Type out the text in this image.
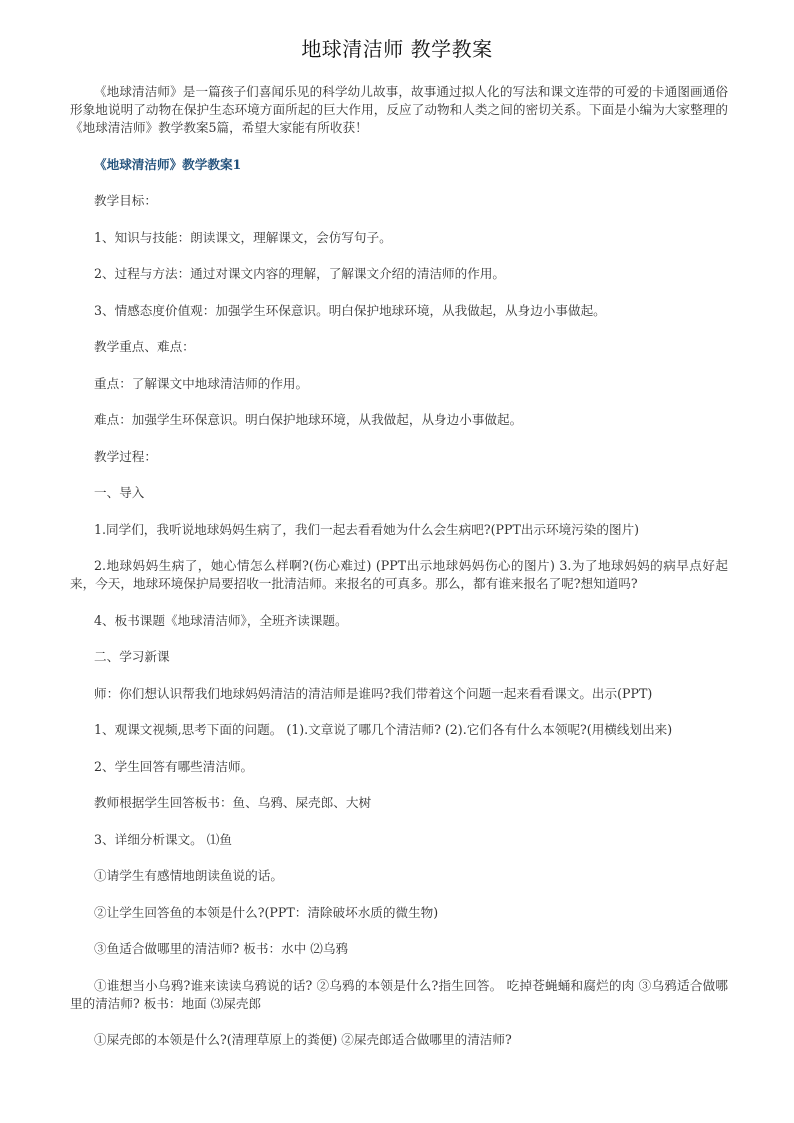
地球清洁师 教学教案

《地球清洁师》是一篇孩子们喜闻乐见的科学幼儿故事，故事通过拟人化的写法和课文连带的可爱的卡通图画通俗形象地说明了动物在保护生态环境方面所起的巨大作用，反应了动物和人类之间的密切关系。下面是小编为大家整理的《地球清洁师》教学教案5篇，希望大家能有所收获！

《地球清洁师》教学教案1

教学目标：

1、知识与技能：朗读课文，理解课文，会仿写句子。

2、过程与方法：通过对课文内容的理解，了解课文介绍的清洁师的作用。

3、情感态度价值观：加强学生环保意识。明白保护地球环境，从我做起，从身边小事做起。

教学重点、难点：

重点：了解课文中地球清洁师的作用。

难点：加强学生环保意识。明白保护地球环境，从我做起，从身边小事做起。

教学过程：

一、导入

1.同学们，我听说地球妈妈生病了，我们一起去看看她为什么会生病吧?(PPT出示环境污染的图片)

2.地球妈妈生病了，她心情怎么样啊?(伤心难过) (PPT出示地球妈妈伤心的图片) 3.为了地球妈妈的病早点好起来，今天，地球环境保护局要招收一批清洁师。来报名的可真多。那么，都有谁来报名了呢?想知道吗?

4、板书课题《地球清洁师》，全班齐读课题。

二、学习新课

师：你们想认识帮我们地球妈妈清洁的清洁师是谁吗?我们带着这个问题一起来看看课文。出示(PPT)

1、观课文视频,思考下面的问题。 (1).文章说了哪几个清洁师? (2).它们各有什么本领呢?(用横线划出来)

2、学生回答有哪些清洁师。

教师根据学生回答板书：鱼、乌鸦、屎壳郎、大树

3、详细分析课文。 ⑴鱼

①请学生有感情地朗读鱼说的话。

②让学生回答鱼的本领是什么?(PPT：清除破坏水质的微生物)

③鱼适合做哪里的清洁师? 板书：水中 ⑵乌鸦

①谁想当小乌鸦?谁来读读乌鸦说的话? ②乌鸦的本领是什么?指生回答。 吃掉苍蝇蛹和腐烂的肉 ③乌鸦适合做哪里的清洁师? 板书：地面 ⑶屎壳郎

①屎壳郎的本领是什么?(清理草原上的粪便) ②屎壳郎适合做哪里的清洁师?
